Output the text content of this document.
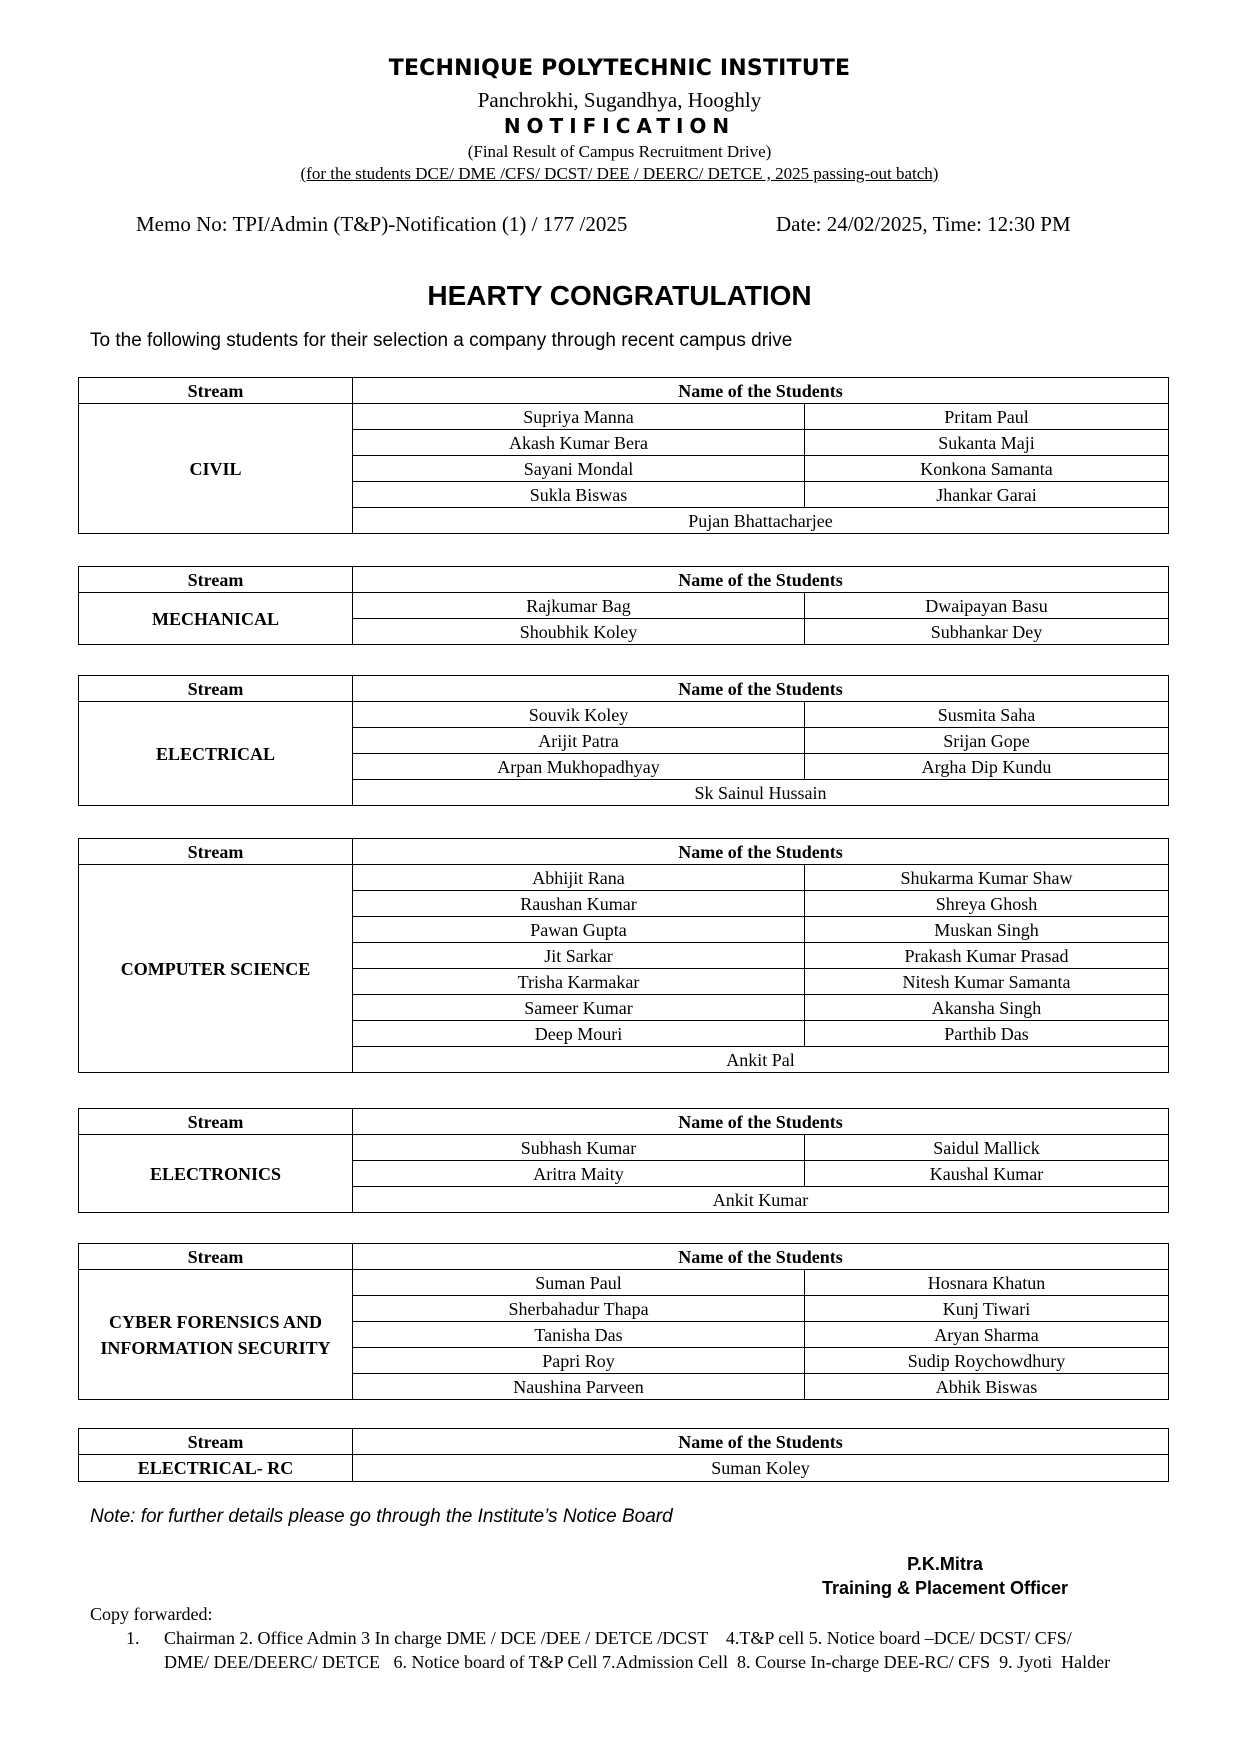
TECHNIQUE POLYTECHNIC INSTITUTE
Panchrokhi, Sugandhya, Hooghly
NOTIFICATION
(Final Result of Campus Recruitment Drive)
(for the students DCE/ DME /CFS/ DCST/ DEE / DEERC/ DETCE , 2025 passing-out batch)
Memo No: TPI/Admin (T&P)-Notification (1) / 177 /2025	Date: 24/02/2025, Time: 12:30 PM
HEARTY CONGRATULATION
To the following students for their selection a company through recent campus drive
Stream	Name of the Students	
CIVIL	Supriya Manna	Pritam Paul
	Akash Kumar Bera	Sukanta Maji
	Sayani Mondal	Konkona Samanta
	Sukla Biswas	Jhankar Garai
	Pujan Bhattacharjee	
Stream	Name of the Students	
MECHANICAL	Rajkumar Bag	Dwaipayan Basu
	Shoubhik Koley	Subhankar Dey
Stream	Name of the Students	
ELECTRICAL	Souvik Koley	Susmita Saha
	Arijit Patra	Srijan Gope
	Arpan Mukhopadhyay	Argha Dip Kundu
	Sk Sainul Hussain	
Stream	Name of the Students	
COMPUTER SCIENCE	Abhijit Rana	Shukarma Kumar Shaw
	Raushan Kumar	Shreya Ghosh
	Pawan Gupta	Muskan Singh
	Jit Sarkar	Prakash Kumar Prasad
	Trisha Karmakar	Nitesh Kumar Samanta
	Sameer Kumar	Akansha Singh
	Deep Mouri	Parthib Das
	Ankit Pal	
Stream	Name of the Students	
ELECTRONICS	Subhash Kumar	Saidul Mallick
	Aritra Maity	Kaushal Kumar
	Ankit Kumar	
Stream	Name of the Students	
CYBER FORENSICS AND INFORMATION SECURITY	Suman Paul	Hosnara Khatun
	Sherbahadur Thapa	Kunj Tiwari
	Tanisha Das	Aryan Sharma
	Papri Roy	Sudip Roychowdhury
	Naushina Parveen	Abhik Biswas
Stream	Name of the Students
ELECTRICAL- RC	Suman Koley
Note: for further details please go through the Institute’s Notice Board
P.K.Mitra
Training & Placement Officer
Copy forwarded:
1. Chairman 2. Office Admin 3 In charge DME / DCE /DEE / DETCE /DCST    4.T&P cell 5. Notice board –DCE/ DCST/ CFS/
DME/ DEE/DEERC/ DETCE   6. Notice board of T&P Cell 7.Admission Cell  8. Course In-charge DEE-RC/ CFS  9. Jyoti  Halder
